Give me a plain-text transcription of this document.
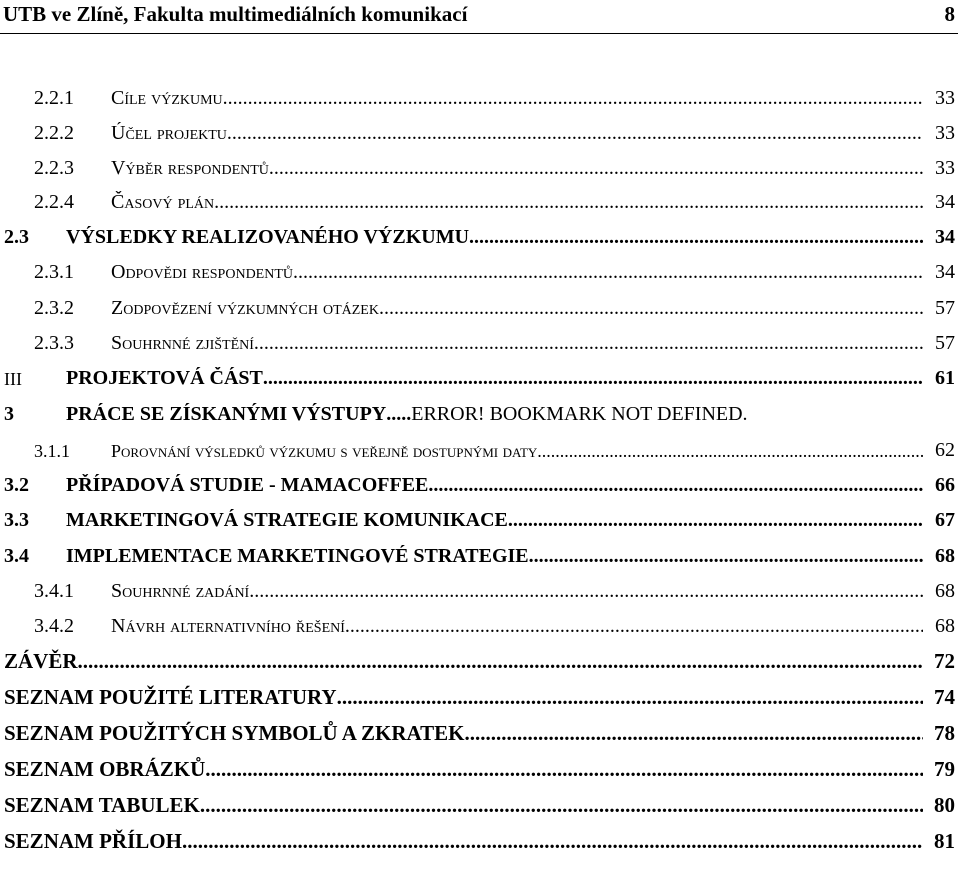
UTB ve Zlíně, Fakulta multimediálních komunikací	8
2.2.1 Cíle výzkumu .....	33
2.2.2 Účel projektu .....	33
2.2.3 Výběr respondentů .....	33
2.2.4 Časový plán .....	34
2.3 VÝSLEDKY REALIZOVANÉHO VÝZKUMU .....	34
2.3.1 Odpovědi respondentů .....	34
2.3.2 Zodpovězení výzkumných otázek .....	57
2.3.3 Souhrnné zjištění .....	57
III PROJEKTOVÁ ČÁST .....	61
3	PRÁCE SE ZÍSKANÝMI VÝSTUPY ..... ERROR! BOOKMARK NOT DEFINED.
3.1.1 Porovnání výsledků výzkumu s veřejně dostupnými daty .....	62
3.2 PŘÍPADOVÁ STUDIE - MAMACOFFEE .....	66
3.3 MARKETINGOVÁ STRATEGIE KOMUNIKACE .....	67
3.4 IMPLEMENTACE MARKETINGOVÉ STRATEGIE .....	68
3.4.1 Souhrnné zadání .....	68
3.4.2 Návrh alternativního řešení .....	68
ZÁVĚR .....	72
SEZNAM POUŽITÉ LITERATURY .....	74
SEZNAM POUŽITÝCH SYMBOLŮ A ZKRATEK .....	78
SEZNAM OBRÁZKŮ .....	79
SEZNAM TABULEK .....	80
SEZNAM PŘÍLOH .....	81
